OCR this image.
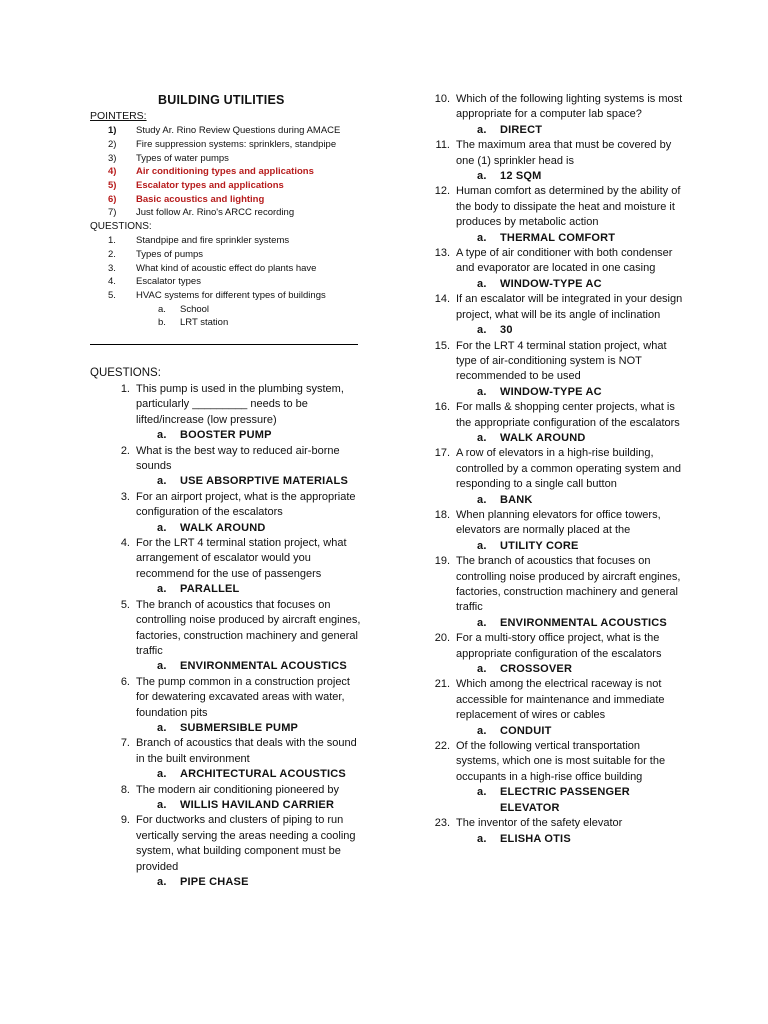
BUILDING UTILITIES
POINTERS:
1)	Study Ar. Rino Review Questions during AMACE
2)	Fire suppression systems: sprinklers, standpipe
3)	Types of water pumps
4)	Air conditioning types and applications
5)	Escalator types and applications
6)	Basic acoustics and lighting
7)	Just follow Ar. Rino's ARCC recording
QUESTIONS:
1.	Standpipe and fire sprinkler systems
2.	Types of pumps
3.	What kind of acoustic effect do plants have
4.	Escalator types
5.	HVAC systems for different types of buildings
a.	School
b.	LRT station
QUESTIONS:
1. This pump is used in the plumbing system, particularly _________ needs to be lifted/increase (low pressure)
a. BOOSTER PUMP
2. What is the best way to reduced air-borne sounds
a. USE ABSORPTIVE MATERIALS
3. For an airport project, what is the appropriate configuration of the escalators
a. WALK AROUND
4. For the LRT 4 terminal station project, what arrangement of escalator would you recommend for the use of passengers
a. PARALLEL
5. The branch of acoustics that focuses on controlling noise produced by aircraft engines, factories, construction machinery and general traffic
a. ENVIRONMENTAL ACOUSTICS
6. The pump common in a construction project for dewatering excavated areas with water, foundation pits
a. SUBMERSIBLE PUMP
7. Branch of acoustics that deals with the sound in the built environment
a. ARCHITECTURAL ACOUSTICS
8. The modern air conditioning pioneered by
a. WILLIS HAVILAND CARRIER
9. For ductworks and clusters of piping to run vertically serving the areas needing a cooling system, what building component must be provided
a. PIPE CHASE
10. Which of the following lighting systems is most appropriate for a computer lab space?
a. DIRECT
11. The maximum area that must be covered by one (1) sprinkler head is
a. 12 SQM
12. Human comfort as determined by the ability of the body to dissipate the heat and moisture it produces by metabolic action
a. THERMAL COMFORT
13. A type of air conditioner with both condenser and evaporator are located in one casing
a. WINDOW-TYPE AC
14. If an escalator will be integrated in your design project, what will be its angle of inclination
a. 30
15. For the LRT 4 terminal station project, what type of air-conditioning system is NOT recommended to be used
a. WINDOW-TYPE AC
16. For malls & shopping center projects, what is the appropriate configuration of the escalators
a. WALK AROUND
17. A row of elevators in a high-rise building, controlled by a common operating system and responding to a single call button
a. BANK
18. When planning elevators for office towers, elevators are normally placed at the
a. UTILITY CORE
19. The branch of acoustics that focuses on controlling noise produced by aircraft engines, factories, construction machinery and general traffic
a. ENVIRONMENTAL ACOUSTICS
20. For a multi-story office project, what is the appropriate configuration of the escalators
a. CROSSOVER
21. Which among the electrical raceway is not accessible for maintenance and immediate replacement of wires or cables
a. CONDUIT
22. Of the following vertical transportation systems, which one is most suitable for the occupants in a high-rise office building
a. ELECTRIC PASSENGER ELEVATOR
23. The inventor of the safety elevator
a. ELISHA OTIS
